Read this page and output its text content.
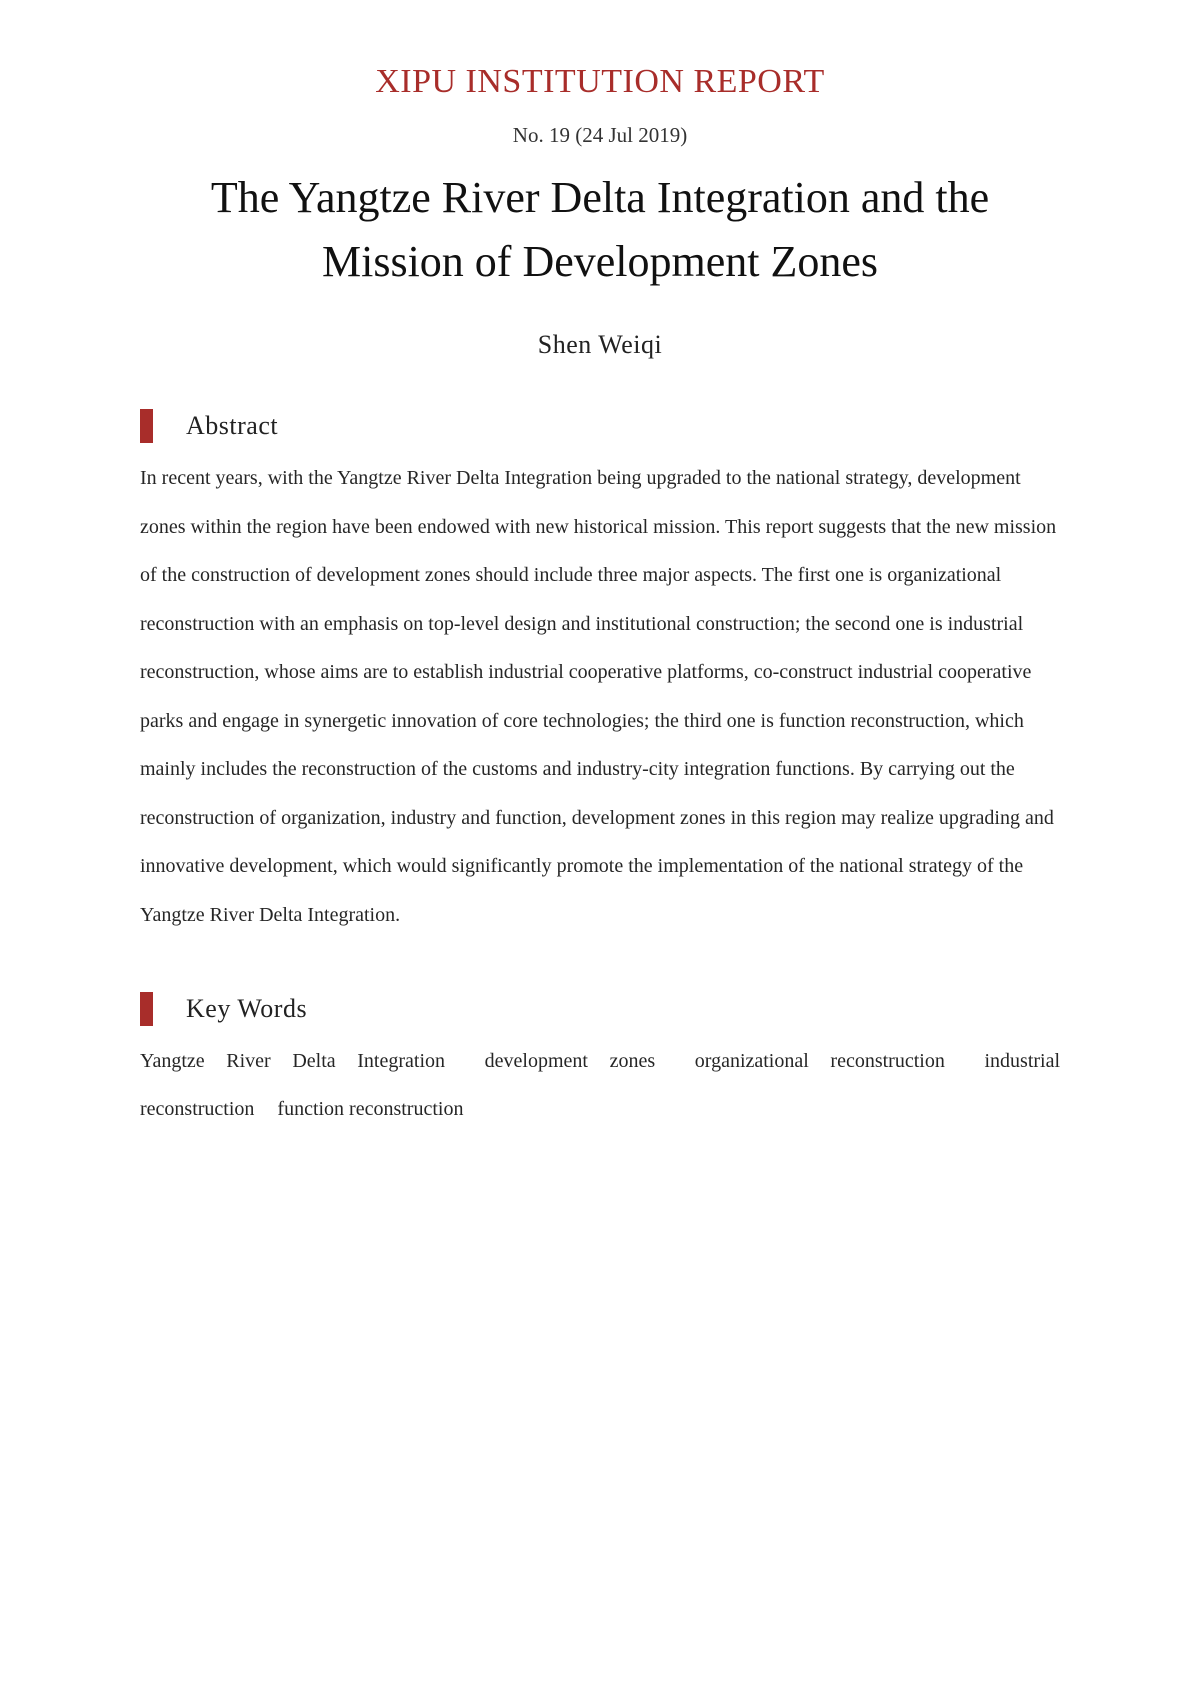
XIPU INSTITUTION REPORT
No. 19 (24 Jul 2019)
The Yangtze River Delta Integration and the Mission of Development Zones
Shen Weiqi
Abstract

In recent years, with the Yangtze River Delta Integration being upgraded to the national strategy, development zones within the region have been endowed with new historical mission. This report suggests that the new mission of the construction of development zones should include three major aspects. The first one is organizational reconstruction with an emphasis on top-level design and institutional construction; the second one is industrial reconstruction, whose aims are to establish industrial cooperative platforms, co-construct industrial cooperative parks and engage in synergetic innovation of core technologies; the third one is function reconstruction, which mainly includes the reconstruction of the customs and industry-city integration functions. By carrying out the reconstruction of organization, industry and function, development zones in this region may realize upgrading and innovative development, which would significantly promote the implementation of the national strategy of the Yangtze River Delta Integration.

Key Words
Yangtze River Delta Integration development zones organizational reconstruction industrial reconstruction function reconstruction
